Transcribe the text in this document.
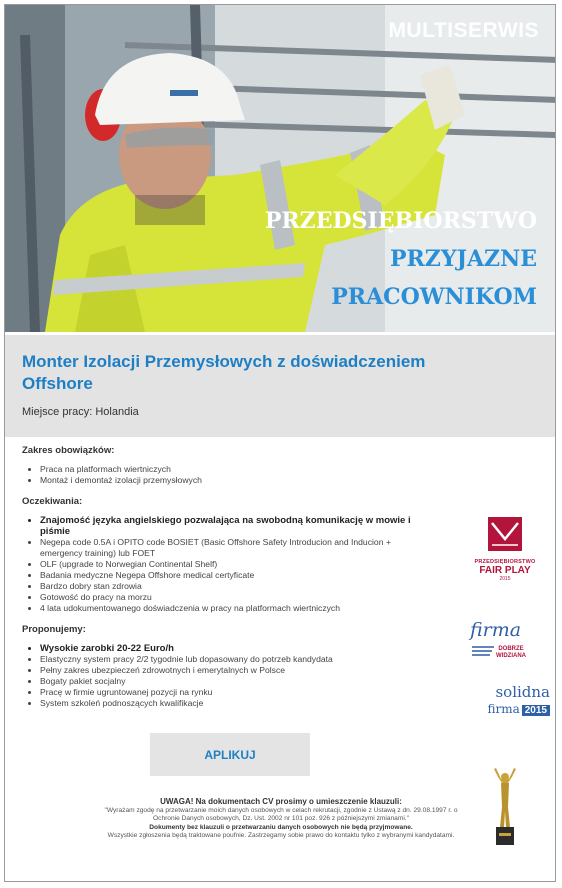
MULTISERWIS
PRZEDSIĘBIORSTWO
PRZYJAZNE
PRACOWNIKOM
Monter Izolacji Przemysłowych z doświadczeniem Offshore

Miejsce pracy: Holandia

Zakres obowiązków:
• Praca na platformach wiertniczych
• Montaż i demontaż izolacji przemysłowych
Oczekiwania:
• Znajomość języka angielskiego pozwalająca na swobodną komunikację w mowie i piśmie
• Negepa code 0.5A i OPITO code BOSIET (Basic Offshore Safety Introducion and Inducion + emergency training) lub FOET
• OLF (upgrade to Norwegian Continental Shelf)
• Badania medyczne Negepa Offshore medical certyficate
• Bardzo dobry stan zdrowia
• Gotowość do pracy na morzu
• 4 lata udokumentowanego doświadczenia w pracy na platformach wiertniczych
Proponujemy:
• Wysokie zarobki 20-22 Euro/h
• Elastyczny system pracy 2/2 tygodnie lub dopasowany do potrzeb kandydata
• Pełny zakres ubezpieczeń zdrowotnych i emerytalnych w Polsce
• Bogaty pakiet socjalny
• Pracę w firmie ugruntowanej pozycji na rynku
• System szkoleń podnoszących kwalifikacje
APLIKUJ
UWAGA! Na dokumentach CV prosimy o umieszczenie klauzuli:
"Wyrażam zgodę na przetwarzanie moich danych osobowych w celach rekrutacji, zgodnie z Ustawą z dn. 29.08.1997 r. o
Ochronie Danych osobowych, Dz. Ust. 2002 nr 101 poz. 926 z późniejszymi zmianami."
Dokumenty bez klauzuli o przetwarzaniu danych osobowych nie będą przyjmowane.
Wszystkie zgłoszenia będą traktowane poufnie. Zastrzegamy sobie prawo do kontaktu tylko z wybranymi kandydatami.
PRZEDSIĘBIORSTWO
FAIR PLAY
2015
firma
DOBRZE
WIDZIANA
solidna
firma 2015
